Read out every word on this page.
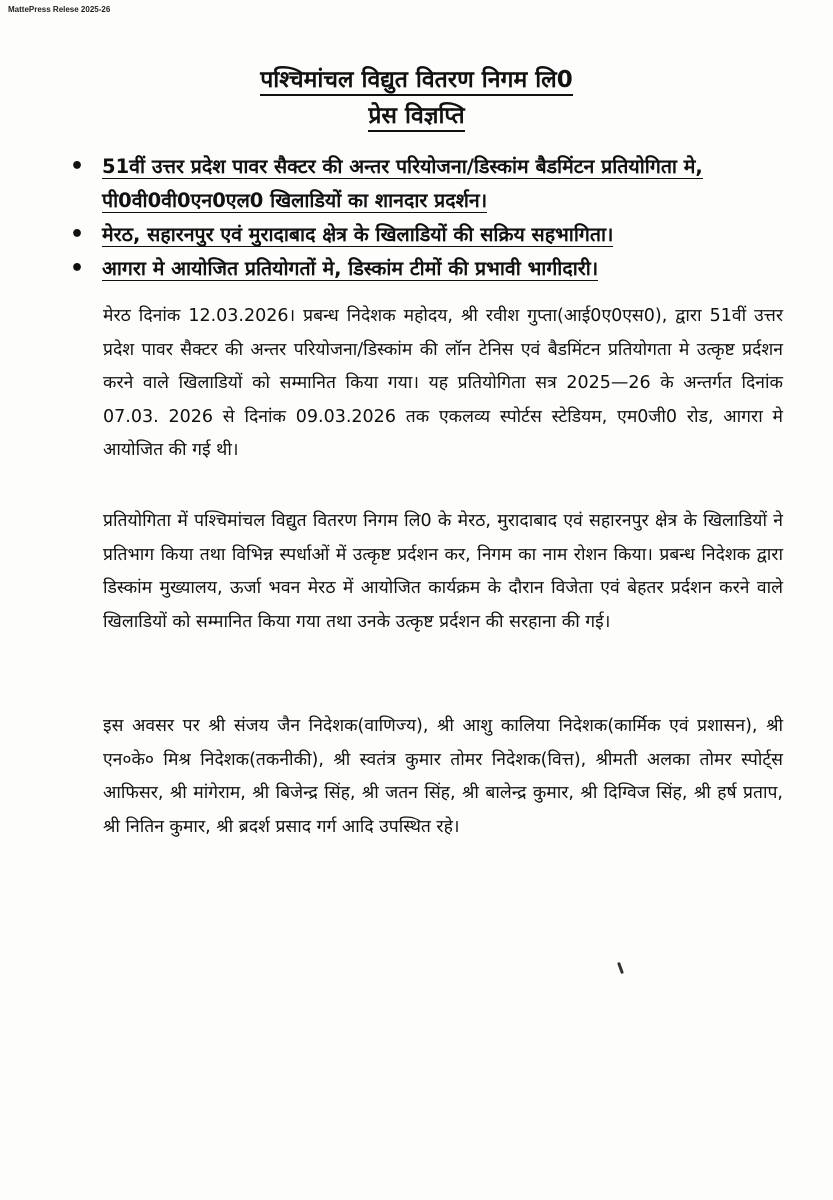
MattePress Relese 2025-26
पश्चिमांचल विद्युत वितरण निगम लि0
प्रेस विज्ञप्ति
• 51वीं उत्तर प्रदेश पावर सैक्टर की अन्तर परियोजना/डिस्कांम बैडमिंटन प्रतियोगिता मे, पी0वी0वी0एन0एल0 खिलाडियों का शानदार प्रदर्शन।
• मेरठ, सहारनपुर एवं मुरादाबाद क्षेत्र के खिलाडियों की सक्रिय सहभागिता।
• आगरा मे आयोजित प्रतियोगतों मे, डिस्कांम टीमों की प्रभावी भागीदारी।

मेरठ दिनांक 12.03.2026। प्रबन्ध निदेशक महोदय, श्री रवीश गुप्ता(आई0ए0एस0), द्वारा 51वीं उत्तर प्रदेश पावर सैक्टर की अन्तर परियोजना/डिस्कांम की लॉन टेनिस एवं बैडमिंटन प्रतियोगता मे उत्कृष्ट प्रर्दशन करने वाले खिलाडियों को सम्मानित किया गया। यह प्रतियोगिता सत्र 2025—26 के अन्तर्गत दिनांक 07.03. 2026 से दिनांक 09.03.2026 तक एकलव्य स्पोर्टस स्टेडियम, एम0जी0 रोड, आगरा मे आयोजित की गई थी।

प्रतियोगिता में पश्चिमांचल विद्युत वितरण निगम लि0 के मेरठ, मुरादाबाद एवं सहारनपुर क्षेत्र के खिलाडियों ने प्रतिभाग किया तथा विभिन्न स्पर्धाओं में उत्कृष्ट प्रर्दशन कर, निगम का नाम रोशन किया। प्रबन्ध निदेशक द्वारा डिस्कांम मुख्यालय, ऊर्जा भवन मेरठ में आयोजित कार्यक्रम के दौरान विजेता एवं बेहतर प्रर्दशन करने वाले खिलाडियों को सम्मानित किया गया तथा उनके उत्कृष्ट प्रर्दशन की सरहाना की गई।

इस अवसर पर श्री संजय जैन निदेशक(वाणिज्य), श्री आशु कालिया निदेशक(कार्मिक एवं प्रशासन), श्री एन०के० मिश्र निदेशक(तकनीकी), श्री स्वतंत्र कुमार तोमर निदेशक(वित्त), श्रीमती अलका तोमर स्पोर्ट्स आफिसर, श्री मांगेराम, श्री बिजेन्द्र सिंह, श्री जतन सिंह, श्री बालेन्द्र कुमार, श्री दिग्विज सिंह, श्री हर्ष प्रताप, श्री नितिन कुमार, श्री ब्रदर्श प्रसाद गर्ग आदि उपस्थित रहे।
